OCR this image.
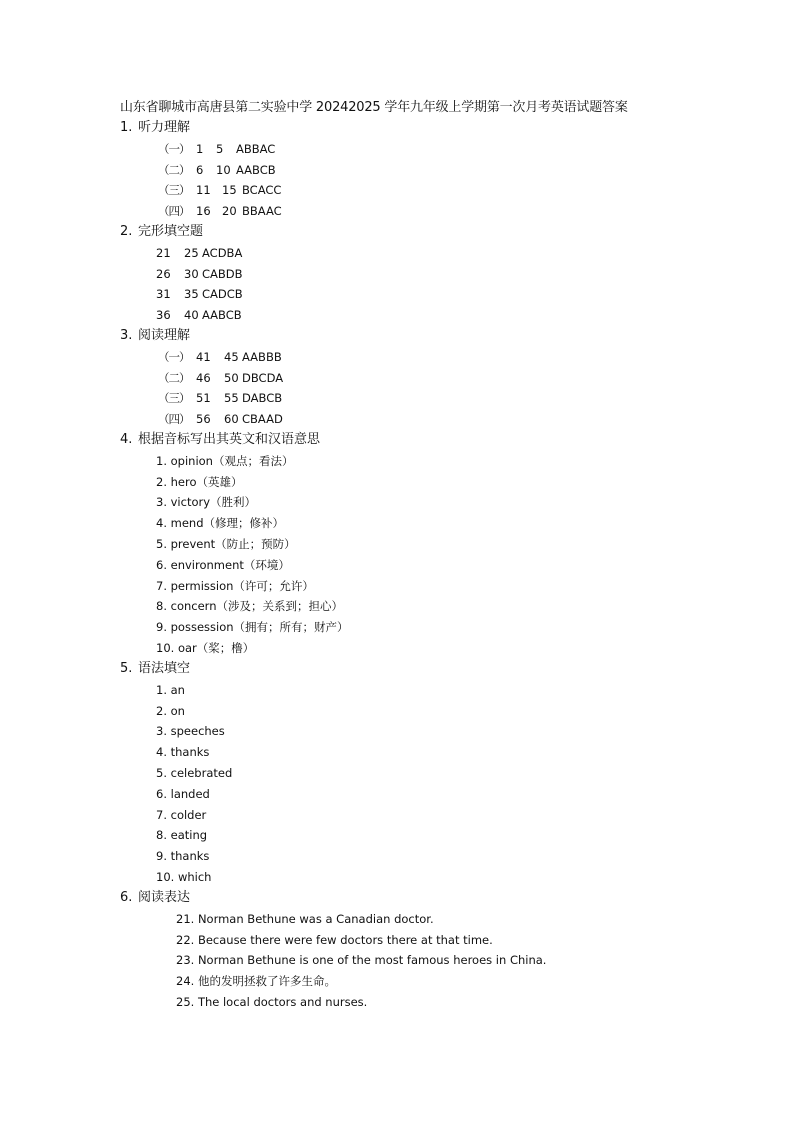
山东省聊城市高唐县第二实验中学 20242025 学年九年级上学期第一次月考英语试题答案
1. 听力理解
（一） 1 5 ABBAC
（二） 6 10 AABCB
（三） 11 15 BCACC
（四） 16 20 BBAAC
2. 完形填空题
21 25 ACDBA
26 30 CABDB
31 35 CADCB
36 40 AABCB
3. 阅读理解
（一） 41 45 AABBB
（二） 46 50 DBCDA
（三） 51 55 DABCB
（四） 56 60 CBAAD
4. 根据音标写出其英文和汉语意思
1. opinion（观点；看法）
2. hero（英雄）
3. victory（胜利）
4. mend（修理；修补）
5. prevent（防止；预防）
6. environment（环境）
7. permission（许可；允许）
8. concern（涉及；关系到；担心）
9. possession（拥有；所有；财产）
10. oar（桨；橹）
5. 语法填空
1. an
2. on
3. speeches
4. thanks
5. celebrated
6. landed
7. colder
8. eating
9. thanks
10. which
6. 阅读表达
21. Norman Bethune was a Canadian doctor.
22. Because there were few doctors there at that time.
23. Norman Bethune is one of the most famous heroes in China.
24. 他的发明拯救了许多生命。
25. The local doctors and nurses.
